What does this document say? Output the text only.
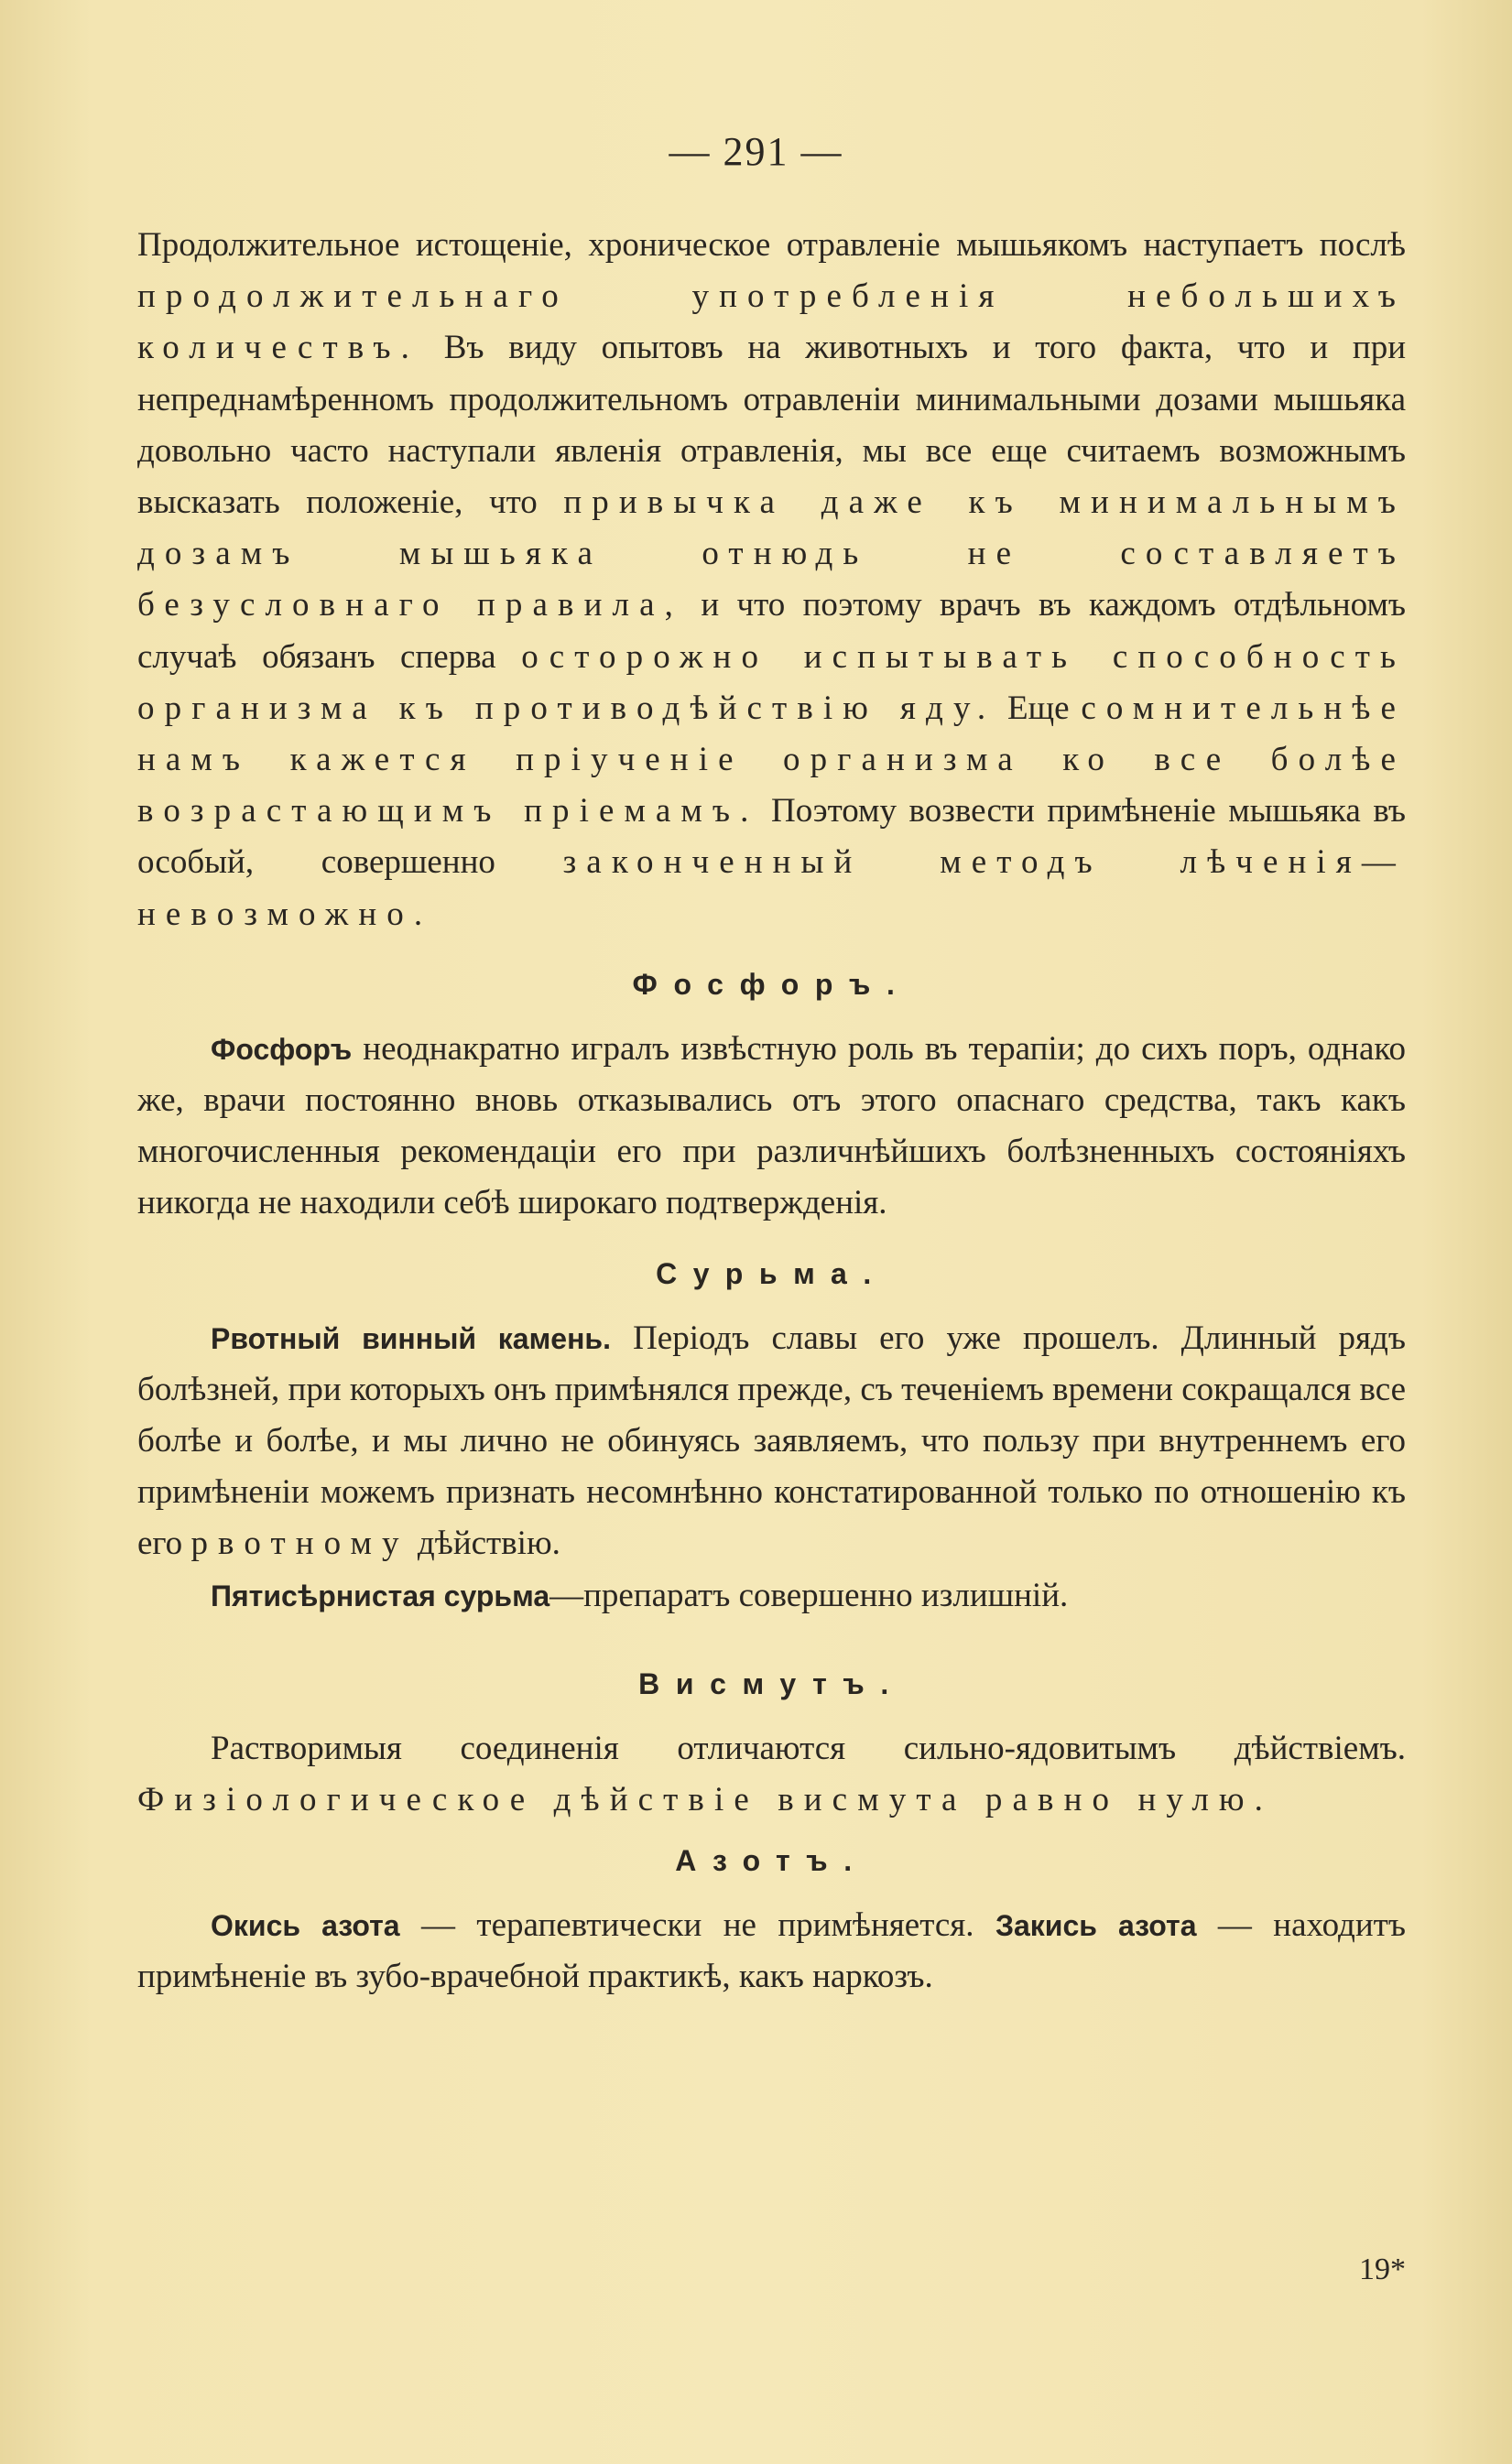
— 291 —

Продолжительное истощеніе, хроническое отравленіе мышьякомъ наступаетъ послѣ продолжительнаго употребленія небольшихъ количествъ. Въ виду опытовъ на животныхъ и того факта, что и при непреднамѣренномъ продолжительномъ отравленіи минимальными дозами мышьяка довольно часто наступали явленія отравленія, мы все еще считаемъ возможнымъ высказать положеніе, что привычка даже къ минимальнымъ дозамъ мышьяка отнюдь не составляетъ безусловнаго правила, и что поэтому врачъ въ каждомъ отдѣльномъ случаѣ обязанъ сперва осторожно испытывать способность организма къ противодѣйствію яду. Еще сомнительнѣе намъ кажется пріученіе организма ко все болѣе возрастающимъ пріемамъ. Поэтому возвести примѣненіе мышьяка въ особый, совершенно законченный методъ лѣченія—невозможно.

Фосфоръ.

Фосфоръ неоднакратно игралъ извѣстную роль въ терапіи; до сихъ поръ, однако же, врачи постоянно вновь отказывались отъ этого опаснаго средства, такъ какъ многочисленныя рекомендаціи его при различнѣйшихъ болѣзненныхъ состояніяхъ никогда не находили себѣ широкаго подтвержденія.

Сурьма.

Рвотный винный камень. Періодъ славы его уже прошелъ. Длинный рядъ болѣзней, при которыхъ онъ примѣнялся прежде, съ теченіемъ времени сокращался все болѣе и болѣе, и мы лично не обинуясь заявляемъ, что пользу при внутреннемъ его примѣненіи можемъ признать несомнѣнно констатированной только по отношенію къ его рвотному дѣйствію.

Пятисѣрнистая сурьма—препаратъ совершенно излишній.

Висмутъ.

Растворимыя соединенія отличаются сильно-ядовитымъ дѣйствіемъ. Физіологическое дѣйствіе висмута равно нулю.

Азотъ.

Окись азота — терапевтически не примѣняется. Закись азота — находитъ примѣненіе въ зубо-врачебной практикѣ, какъ наркозъ.

19*
